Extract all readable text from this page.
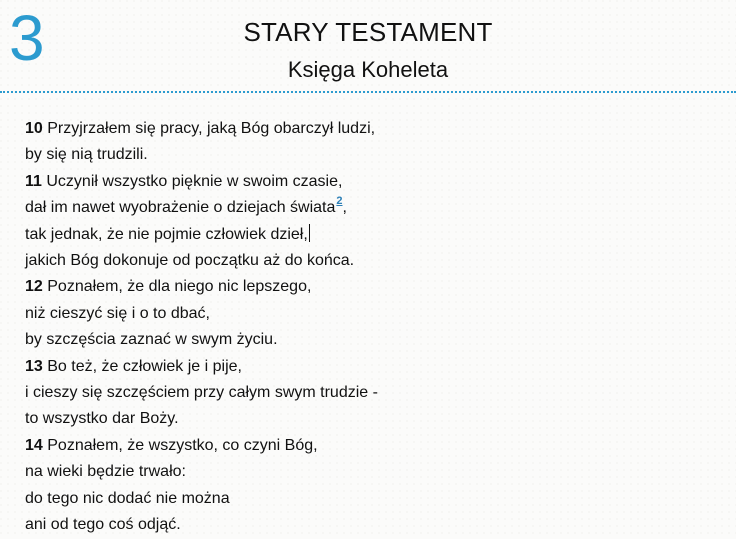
3	STARY TESTAMENT
Księga Koheleta
10 Przyjrzałem się pracy, jaką Bóg obarczył ludzi,
by się nią trudzili.
11 Uczynił wszystko pięknie w swoim czasie,
dał im nawet wyobrażenie o dziejach świata2,
tak jednak, że nie pojmie człowiek dzieł,
jakich Bóg dokonuje od początku aż do końca.
12 Poznałem, że dla niego nic lepszego,
niż cieszyć się i o to dbać,
by szczęścia zaznać w swym życiu.
13 Bo też, że człowiek je i pije,
i cieszy się szczęściem przy całym swym trudzie -
to wszystko dar Boży.
14 Poznałem, że wszystko, co czyni Bóg,
na wieki będzie trwało:
do tego nic dodać nie można
ani od tego coś odjąć.
